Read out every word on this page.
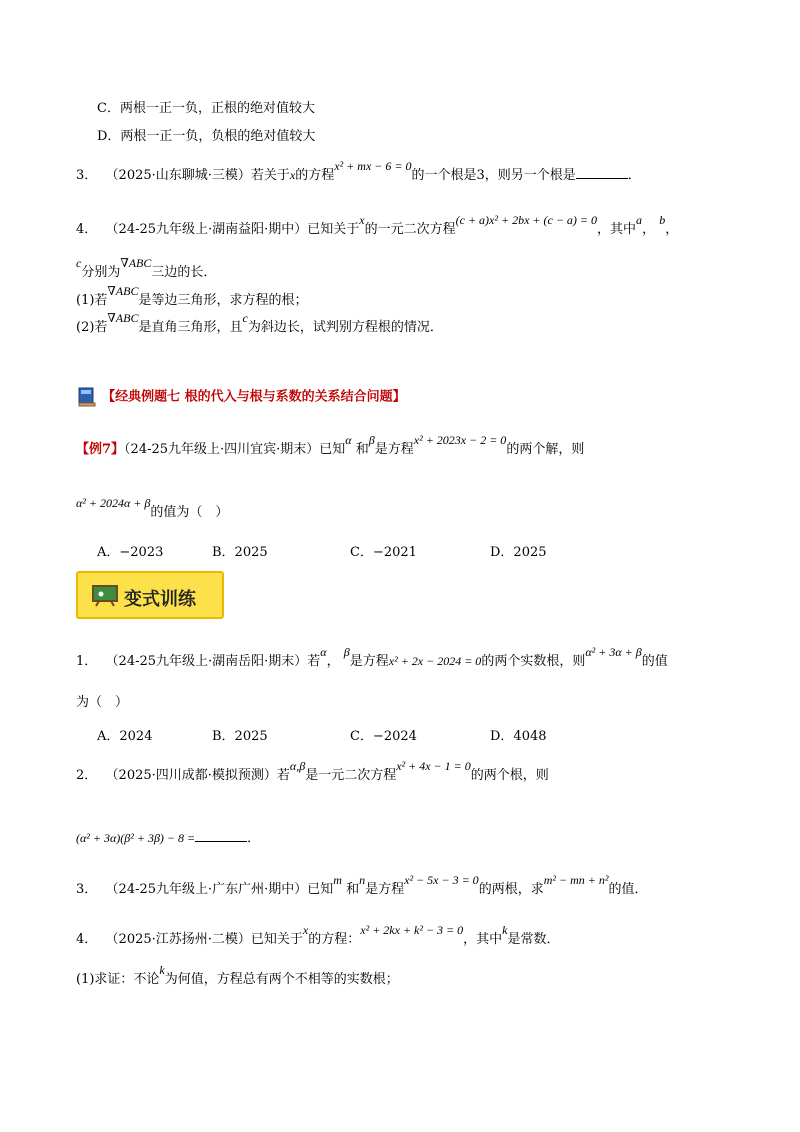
C．两根一正一负，正根的绝对值较大
D．两根一正一负，负根的绝对值较大
3． （2025·山东聊城·三模）若关于x的方程x² + mx − 6 = 0的一个根是3，则另一个根是	．
4． （24-25九年级上·湖南益阳·期中）已知关于x的一元二次方程(c + a)x² + 2bx + (c − a) = 0，其中a， b，
c分别为∇ABC三边的长．
(1)若∇ABC是等边三角形，求方程的根；
(2)若∇ABC是直角三角形，且c为斜边长，试判别方程根的情况．
【经典例题七 根的代入与根与系数的关系结合问题】
【例7】（24-25九年级上·四川宜宾·期末）已知α 和β是方程x² + 2023x − 2 = 0的两个解，则
α² + 2024α + β的值为（　）
A．−2023	B．2025	C．−2021	D．2025
变式训练
1． （24-25九年级上·湖南岳阳·期末）若α， β是方程x² + 2x − 2024 = 0的两个实数根，则α² + 3α + β的值
为（　）
A．2024	B．2025	C．−2024	D．4048
2． （2025·四川成都·模拟预测）若α,β是一元二次方程x² + 4x − 1 = 0的两个根，则
(α² + 3α)(β² + 3β) − 8 =	．
3． （24-25九年级上·广东广州·期中）已知m 和n是方程x² − 5x − 3 = 0的两根，求m² − mn + n²的值．
4． （2025·江苏扬州·二模）已知关于x的方程：x² + 2kx + k² − 3 = 0，其中k是常数．
(1)求证：不论k为何值，方程总有两个不相等的实数根；
